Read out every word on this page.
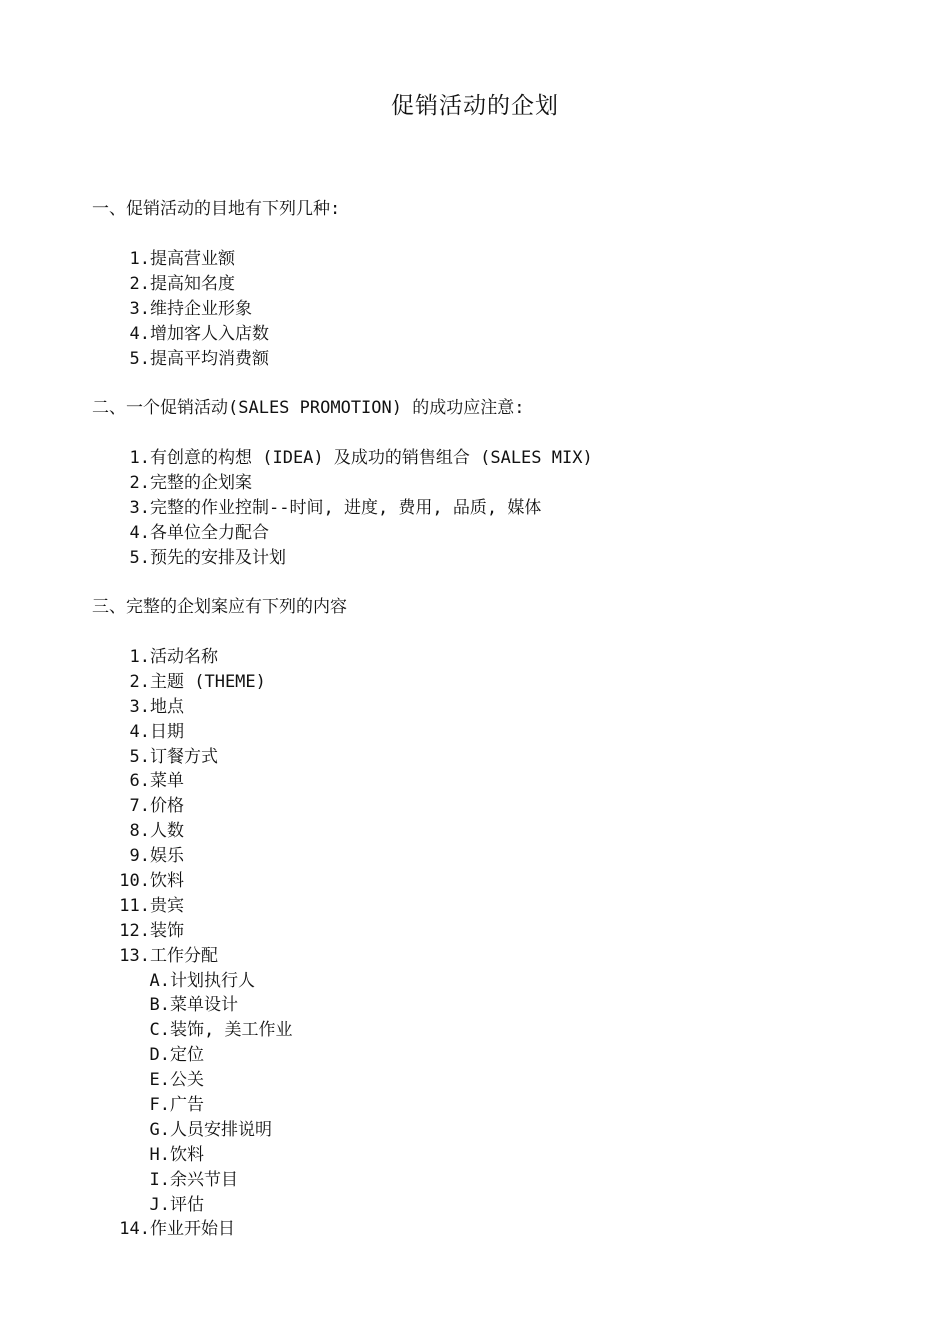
促销活动的企划
一、促销活动的目地有下列几种:
1. 提高营业额
2. 提高知名度
3. 维持企业形象
4. 增加客人入店数
5. 提高平均消费额
二、一个促销活动(SALES PROMOTION) 的成功应注意:
1. 有创意的构想 (IDEA) 及成功的销售组合 (SALES MIX)
2. 完整的企划案
3. 完整的作业控制--时间, 进度, 费用, 品质, 媒体
4. 各单位全力配合
5. 预先的安排及计划
三、完整的企划案应有下列的内容
1. 活动名称
2. 主题 (THEME)
3. 地点
4. 日期
5. 订餐方式
6. 菜单
7. 价格
8. 人数
9. 娱乐
10. 饮料
11. 贵宾
12. 装饰
13. 工作分配
A. 计划执行人
B. 菜单设计
C. 装饰, 美工作业
D. 定位
E. 公关
F. 广告
G. 人员安排说明
H. 饮料
I. 余兴节目
J. 评估
14. 作业开始日
